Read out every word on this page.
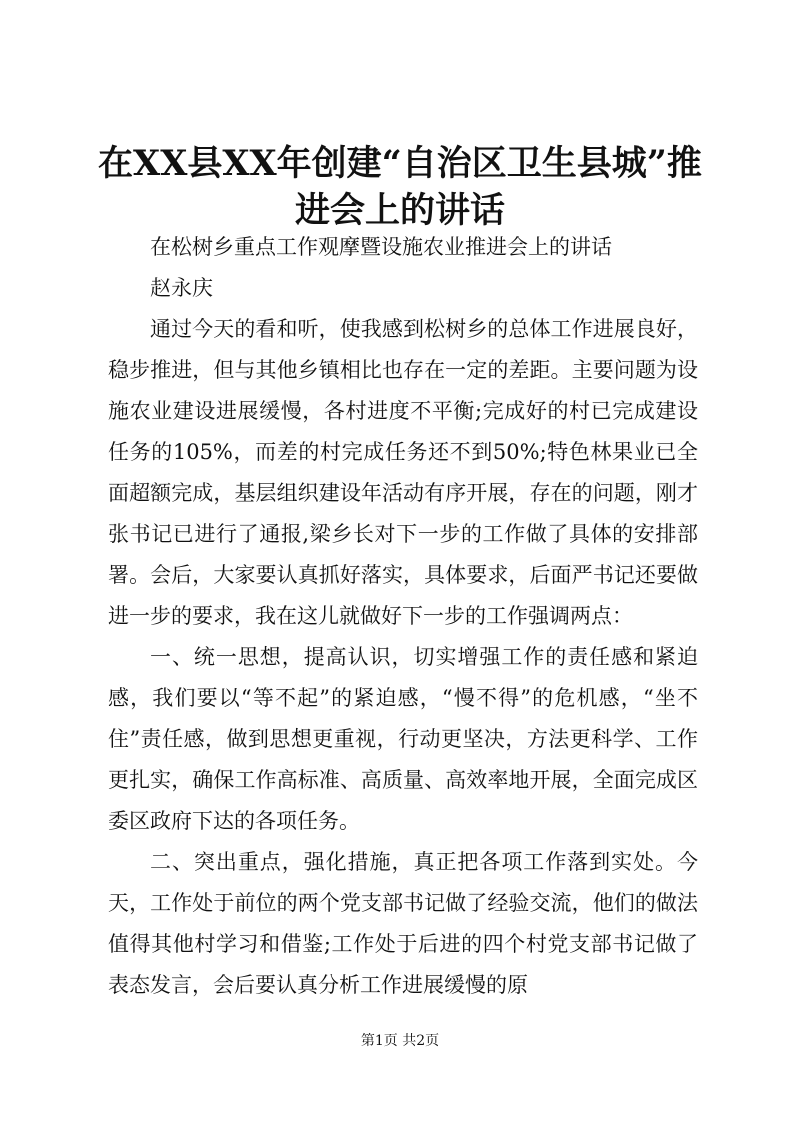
在XX县XX年创建“自治区卫生县城”推进会上的讲话

在松树乡重点工作观摩暨设施农业推进会上的讲话

赵永庆

通过今天的看和听，使我感到松树乡的总体工作进展良好，稳步推进，但与其他乡镇相比也存在一定的差距。主要问题为设施农业建设进展缓慢，各村进度不平衡;完成好的村已完成建设任务的105%，而差的村完成任务还不到50%;特色林果业已全面超额完成，基层组织建设年活动有序开展，存在的问题，刚才张书记已进行了通报,梁乡长对下一步的工作做了具体的安排部署。会后，大家要认真抓好落实，具体要求，后面严书记还要做进一步的要求，我在这儿就做好下一步的工作强调两点：

一、统一思想，提高认识，切实增强工作的责任感和紧迫感，我们要以“等不起”的紧迫感，“慢不得”的危机感，“坐不住”责任感，做到思想更重视，行动更坚决，方法更科学、工作更扎实，确保工作高标准、高质量、高效率地开展，全面完成区委区政府下达的各项任务。

二、突出重点，强化措施，真正把各项工作落到实处。今天，工作处于前位的两个党支部书记做了经验交流，他们的做法值得其他村学习和借鉴;工作处于后进的四个村党支部书记做了表态发言，会后要认真分析工作进展缓慢的原

第1页 共2页
